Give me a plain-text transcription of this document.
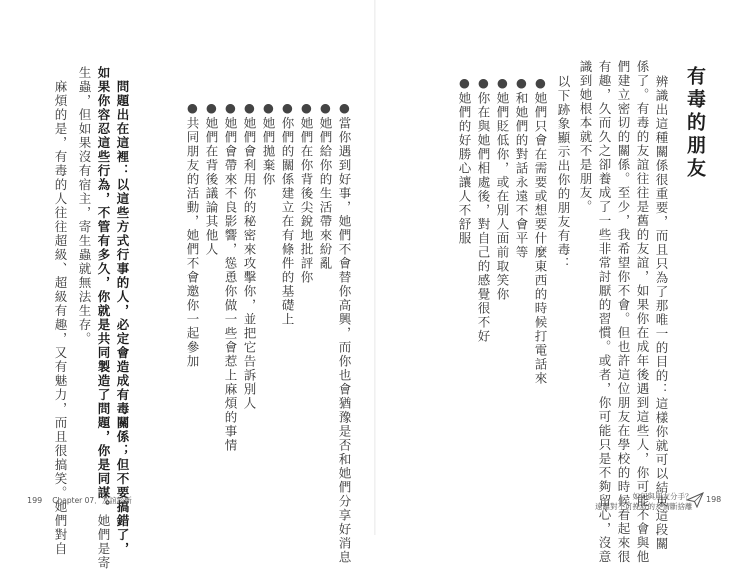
有毒的朋友
辨識出這種關係很重要，而且只為了那唯一的目的：這樣你就可以結束這段關
係了。有毒的友誼往往是舊的友誼，如果你在成年後遇到這些人，你可能不會與他
們建立密切的關係。至少，我希望你不會。但也許這位朋友在學校的時候看起來很
有趣，久而久之卻養成了一些非常討厭的習慣。或者，你可能只是不夠留心，沒意
識到她根本就不是朋友。
以下跡象顯示出你的朋友有毒：
●她們只會在需要或想要什麼東西的時候打電話來
●和她們的對話永遠不會平等
●她們貶低你，或在別人面前取笑你
●你在與她們相處後，對自己的感覺很不好
●她們的好勝心讓人不舒服
如何與朋友分手？
遠離對不可挽救的友情斷捨離
198
●當你遇到好事，她們不會替你高興，而你也會猶豫是否和她們分享好消息
●她們給你的生活帶來紛亂
●她們在你背後尖銳地批評你
●你們的關係建立在有條件的基礎上
●她們拋棄你
●她們會利用你的秘密來攻擊你，並把它告訴別人
●她們會帶來不良影響，慫恿你做一些會惹上麻煩的事情
●她們在背後議論其他人
●共同朋友的活動，她們不會邀你一起參加
問題出在這裡：以這些方式行事的人，必定會造成有毒關係；但不要搞錯了，
如果你容忍這些行為，不管有多久，你就是共同製造了問題，你是同謀。她們是寄
生蟲，但如果沒有宿主，寄生蟲就無法生存。
麻煩的是，有毒的人往往超級、超級有趣，又有魅力，而且很搞笑。她們對自
199 Chapter 07．友誼診斷
